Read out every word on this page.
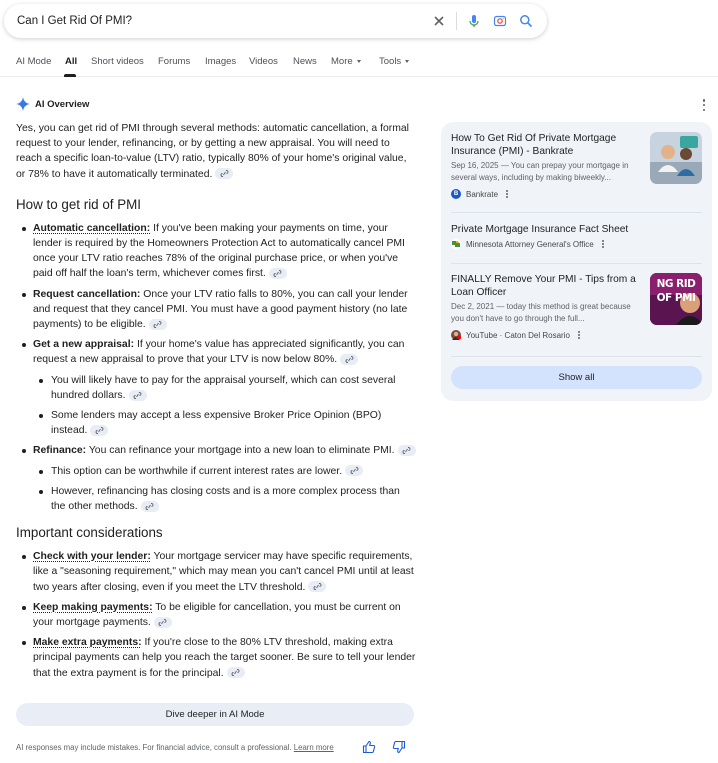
Can I Get Rid Of PMI?
AI Mode All Short videos Forums Images Videos News More	Tools
AI Overview

Yes, you can get rid of PMI through several methods: automatic cancellation, a formal request to your lender, refinancing, or by getting a new appraisal. You will need to reach a specific loan-to-value (LTV) ratio, typically 80% of your home's original value, or 78% to have it automatically terminated.

How to get rid of PMI
Automatic cancellation: If you've been making your payments on time, your lender is required by the Homeowners Protection Act to automatically cancel PMI once your LTV ratio reaches 78% of the original purchase price, or when you've paid off half the loan's term, whichever comes first.
Request cancellation: Once your LTV ratio falls to 80%, you can call your lender and request that they cancel PMI. You must have a good payment history (no late payments) to be eligible.
Get a new appraisal: If your home's value has appreciated significantly, you can request a new appraisal to prove that your LTV is now below 80%.
You will likely have to pay for the appraisal yourself, which can cost several hundred dollars.
Some lenders may accept a less expensive Broker Price Opinion (BPO) instead.
Refinance: You can refinance your mortgage into a new loan to eliminate PMI.
This option can be worthwhile if current interest rates are lower.
However, refinancing has closing costs and is a more complex process than the other methods.
Important considerations
Check with your lender: Your mortgage servicer may have specific requirements, like a "seasoning requirement," which may mean you can't cancel PMI until at least two years after closing, even if you meet the LTV threshold.
Keep making payments: To be eligible for cancellation, you must be current on your mortgage payments.
Make extra payments: If you're close to the 80% LTV threshold, making extra principal payments can help you reach the target sooner. Be sure to tell your lender that the extra payment is for the principal.
Dive deeper in AI Mode
AI responses may include mistakes. For financial advice, consult a professional. Learn more
How To Get Rid Of Private Mortgage Insurance (PMI) - Bankrate
Sep 16, 2025 — You can prepay your mortgage in several ways, including by making biweekly...
B Bankrate
Private Mortgage Insurance Fact Sheet
Minnesota Attorney General's Office
FINALLY Remove Your PMI - Tips from a Loan Officer
Dec 2, 2021 — today this method is great because you don't have to go through the full...
YouTube · Caton Del Rosario
NG RID OF PMI
Show all
